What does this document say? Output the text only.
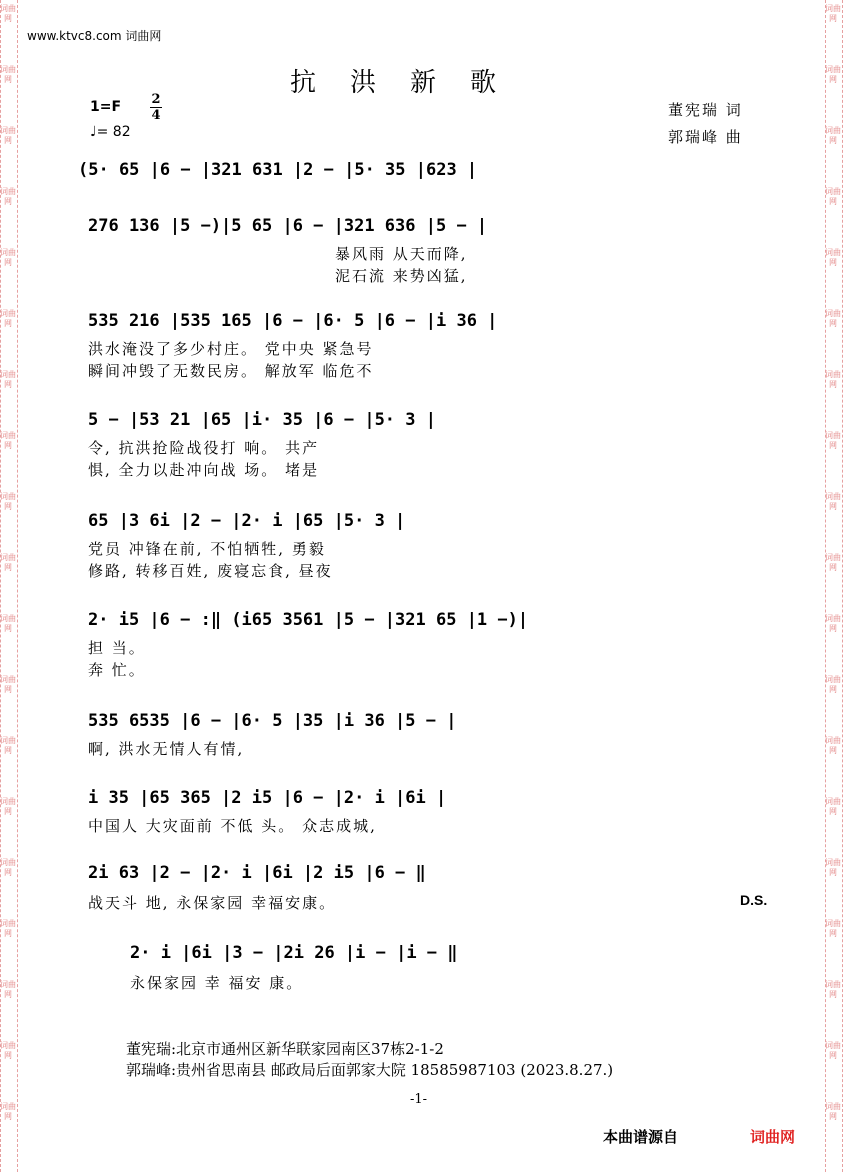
词曲网
词曲网
词曲网
词曲网
词曲网
词曲网
词曲网
词曲网
词曲网
词曲网
词曲网
词曲网
词曲网
词曲网
词曲网
词曲网
词曲网
词曲网
词曲网
词曲网
词曲网
词曲网
词曲网
词曲网
词曲网
词曲网
词曲网
词曲网
词曲网
词曲网
词曲网
词曲网
词曲网
词曲网
词曲网
词曲网
词曲网
词曲网
www.ktvc8.com 词曲网
抗洪新歌
董宪瑞 词
郭瑞峰 曲
1=F 2
4
♩= 82
(5· 65 |6 − |321 631 |2 − |5· 35 |623 |
276 136 |5 −)|5 65 |6 − |321 636 |5 − |
暴风雨 从天而降,
泥石流 来势凶猛,
535 216 |535 165 |6 − |6· 5 |6 − |i 36 |
洪水淹没了多少村庄。 党中央 紧急号
瞬间冲毁了无数民房。 解放军 临危不
5 − |53 21 |65 |i· 35 |6 − |5· 3 |
令, 抗洪抢险战役打 响。 共产
惧, 全力以赴冲向战 场。 堵是
65 |3 6i |2 − |2· i |65 |5· 3 |
党员 冲锋在前, 不怕牺牲, 勇毅
修路, 转移百姓, 废寝忘食, 昼夜
2· i5 |6 − :‖ (i65 3561 |5 − |321 65 |1 −)|
担 当。
奔 忙。
535 6535 |6 − |6· 5 |35 |i 36 |5 − |
啊, 洪水无情人有情,
i 35 |65 365 |2 i5 |6 − |2· i |6i |
中国人 大灾面前 不低 头。 众志成城,
2i 63 |2 − |2· i |6i |2 i5 |6 − ‖
D.S.
战天斗 地, 永保家园 幸福安康。
2· i |6i |3 − |2i 26 |i − |i − ‖
永保家园 幸 福安 康。
董宪瑞:北京市通州区新华联家园南区37栋2-1-2
郭瑞峰:贵州省思南县 邮政局后面郭家大院 18585987103 (2023.8.27.)
-1-
本曲谱源自	词曲网
